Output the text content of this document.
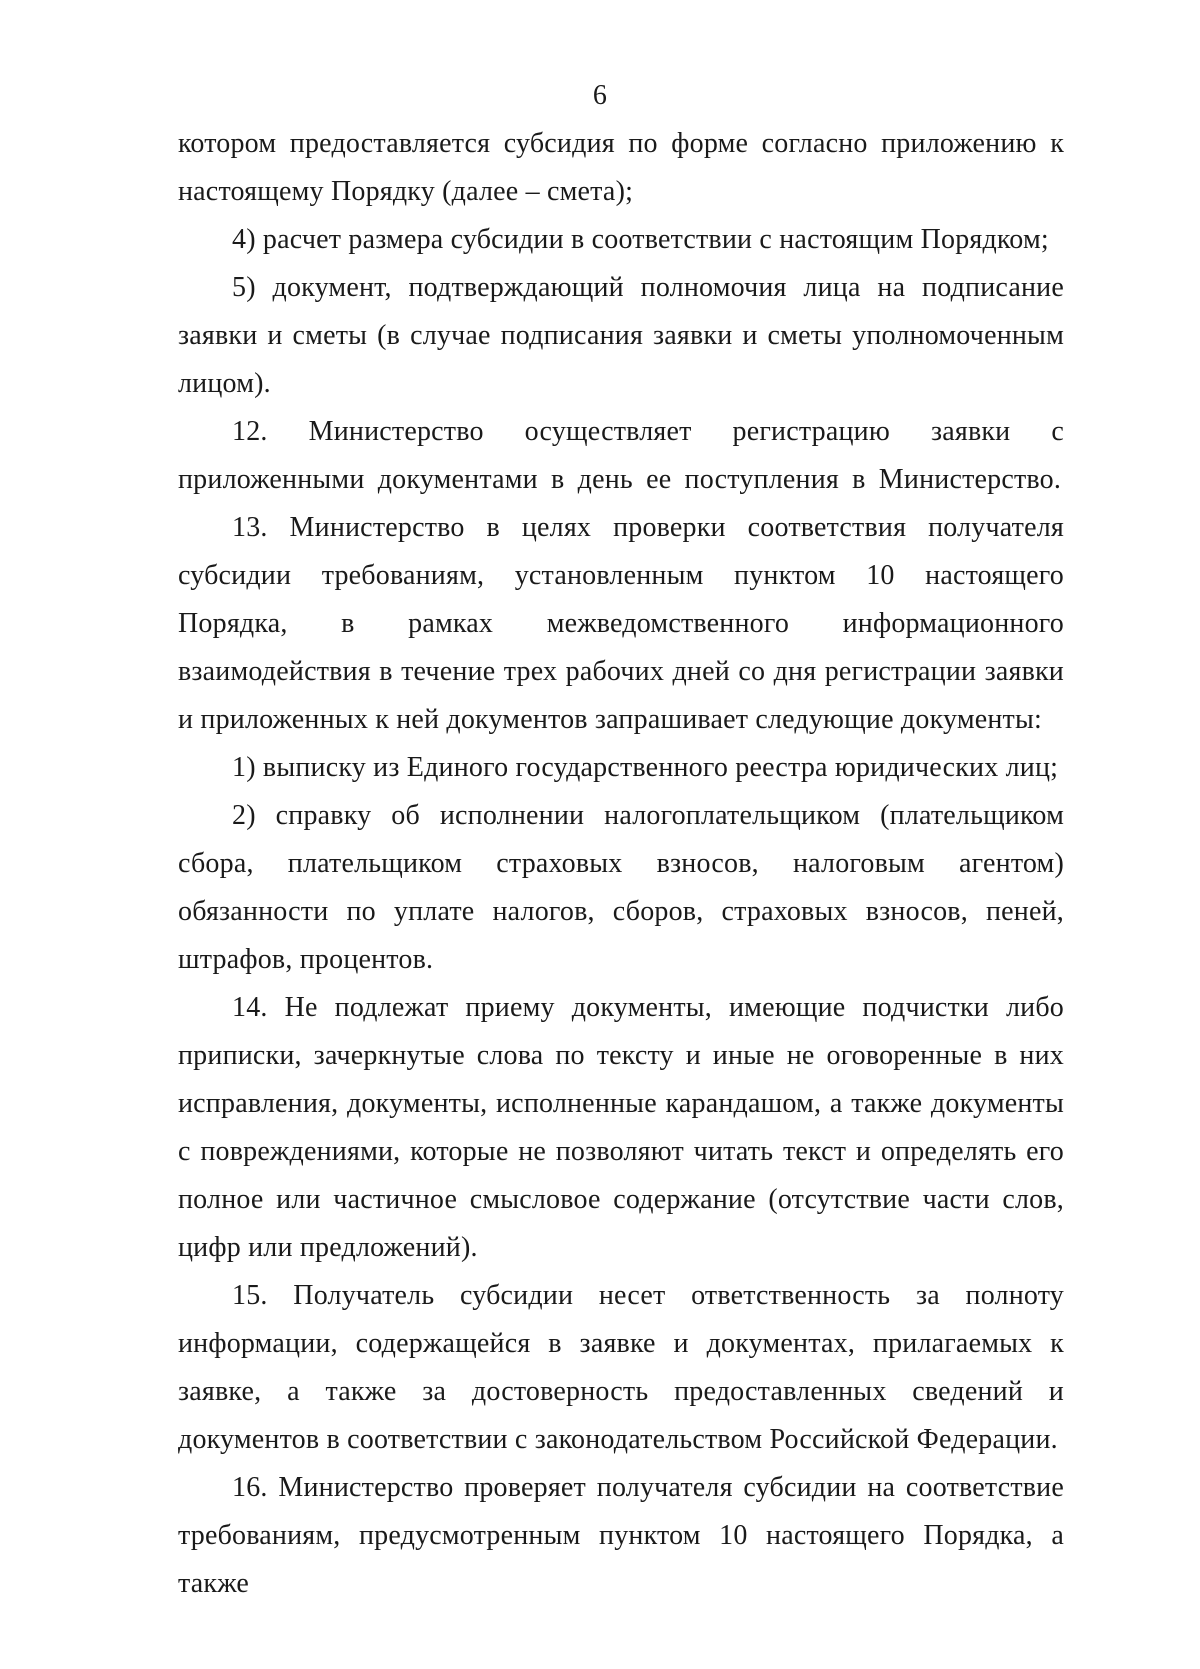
6

котором предоставляется субсидия по форме согласно приложению к настоящему Порядку (далее – смета);

4) расчет размера субсидии в соответствии с настоящим Порядком;

5) документ, подтверждающий полномочия лица на подписание заявки и сметы (в случае подписания заявки и сметы уполномоченным лицом).

12. Министерство осуществляет регистрацию заявки с приложенными документами в день ее поступления в Министерство.

13. Министерство в целях проверки соответствия получателя субсидии требованиям, установленным пунктом 10 настоящего Порядка, в рамках межведомственного информационного взаимодействия в течение трех рабочих дней со дня регистрации заявки и приложенных к ней документов запрашивает следующие документы:

1) выписку из Единого государственного реестра юридических лиц;

2) справку об исполнении налогоплательщиком (плательщиком сбора, плательщиком страховых взносов, налоговым агентом) обязанности по уплате налогов, сборов, страховых взносов, пеней, штрафов, процентов.

14. Не подлежат приему документы, имеющие подчистки либо приписки, зачеркнутые слова по тексту и иные не оговоренные в них исправления, документы, исполненные карандашом, а также документы с повреждениями, которые не позволяют читать текст и определять его полное или частичное смысловое содержание (отсутствие части слов, цифр или предложений).

15. Получатель субсидии несет ответственность за полноту информации, содержащейся в заявке и документах, прилагаемых к заявке, а также за достоверность предоставленных сведений и документов в соответствии с законодательством Российской Федерации.

16. Министерство проверяет получателя субсидии на соответствие требованиям, предусмотренным пунктом 10 настоящего Порядка, а также
